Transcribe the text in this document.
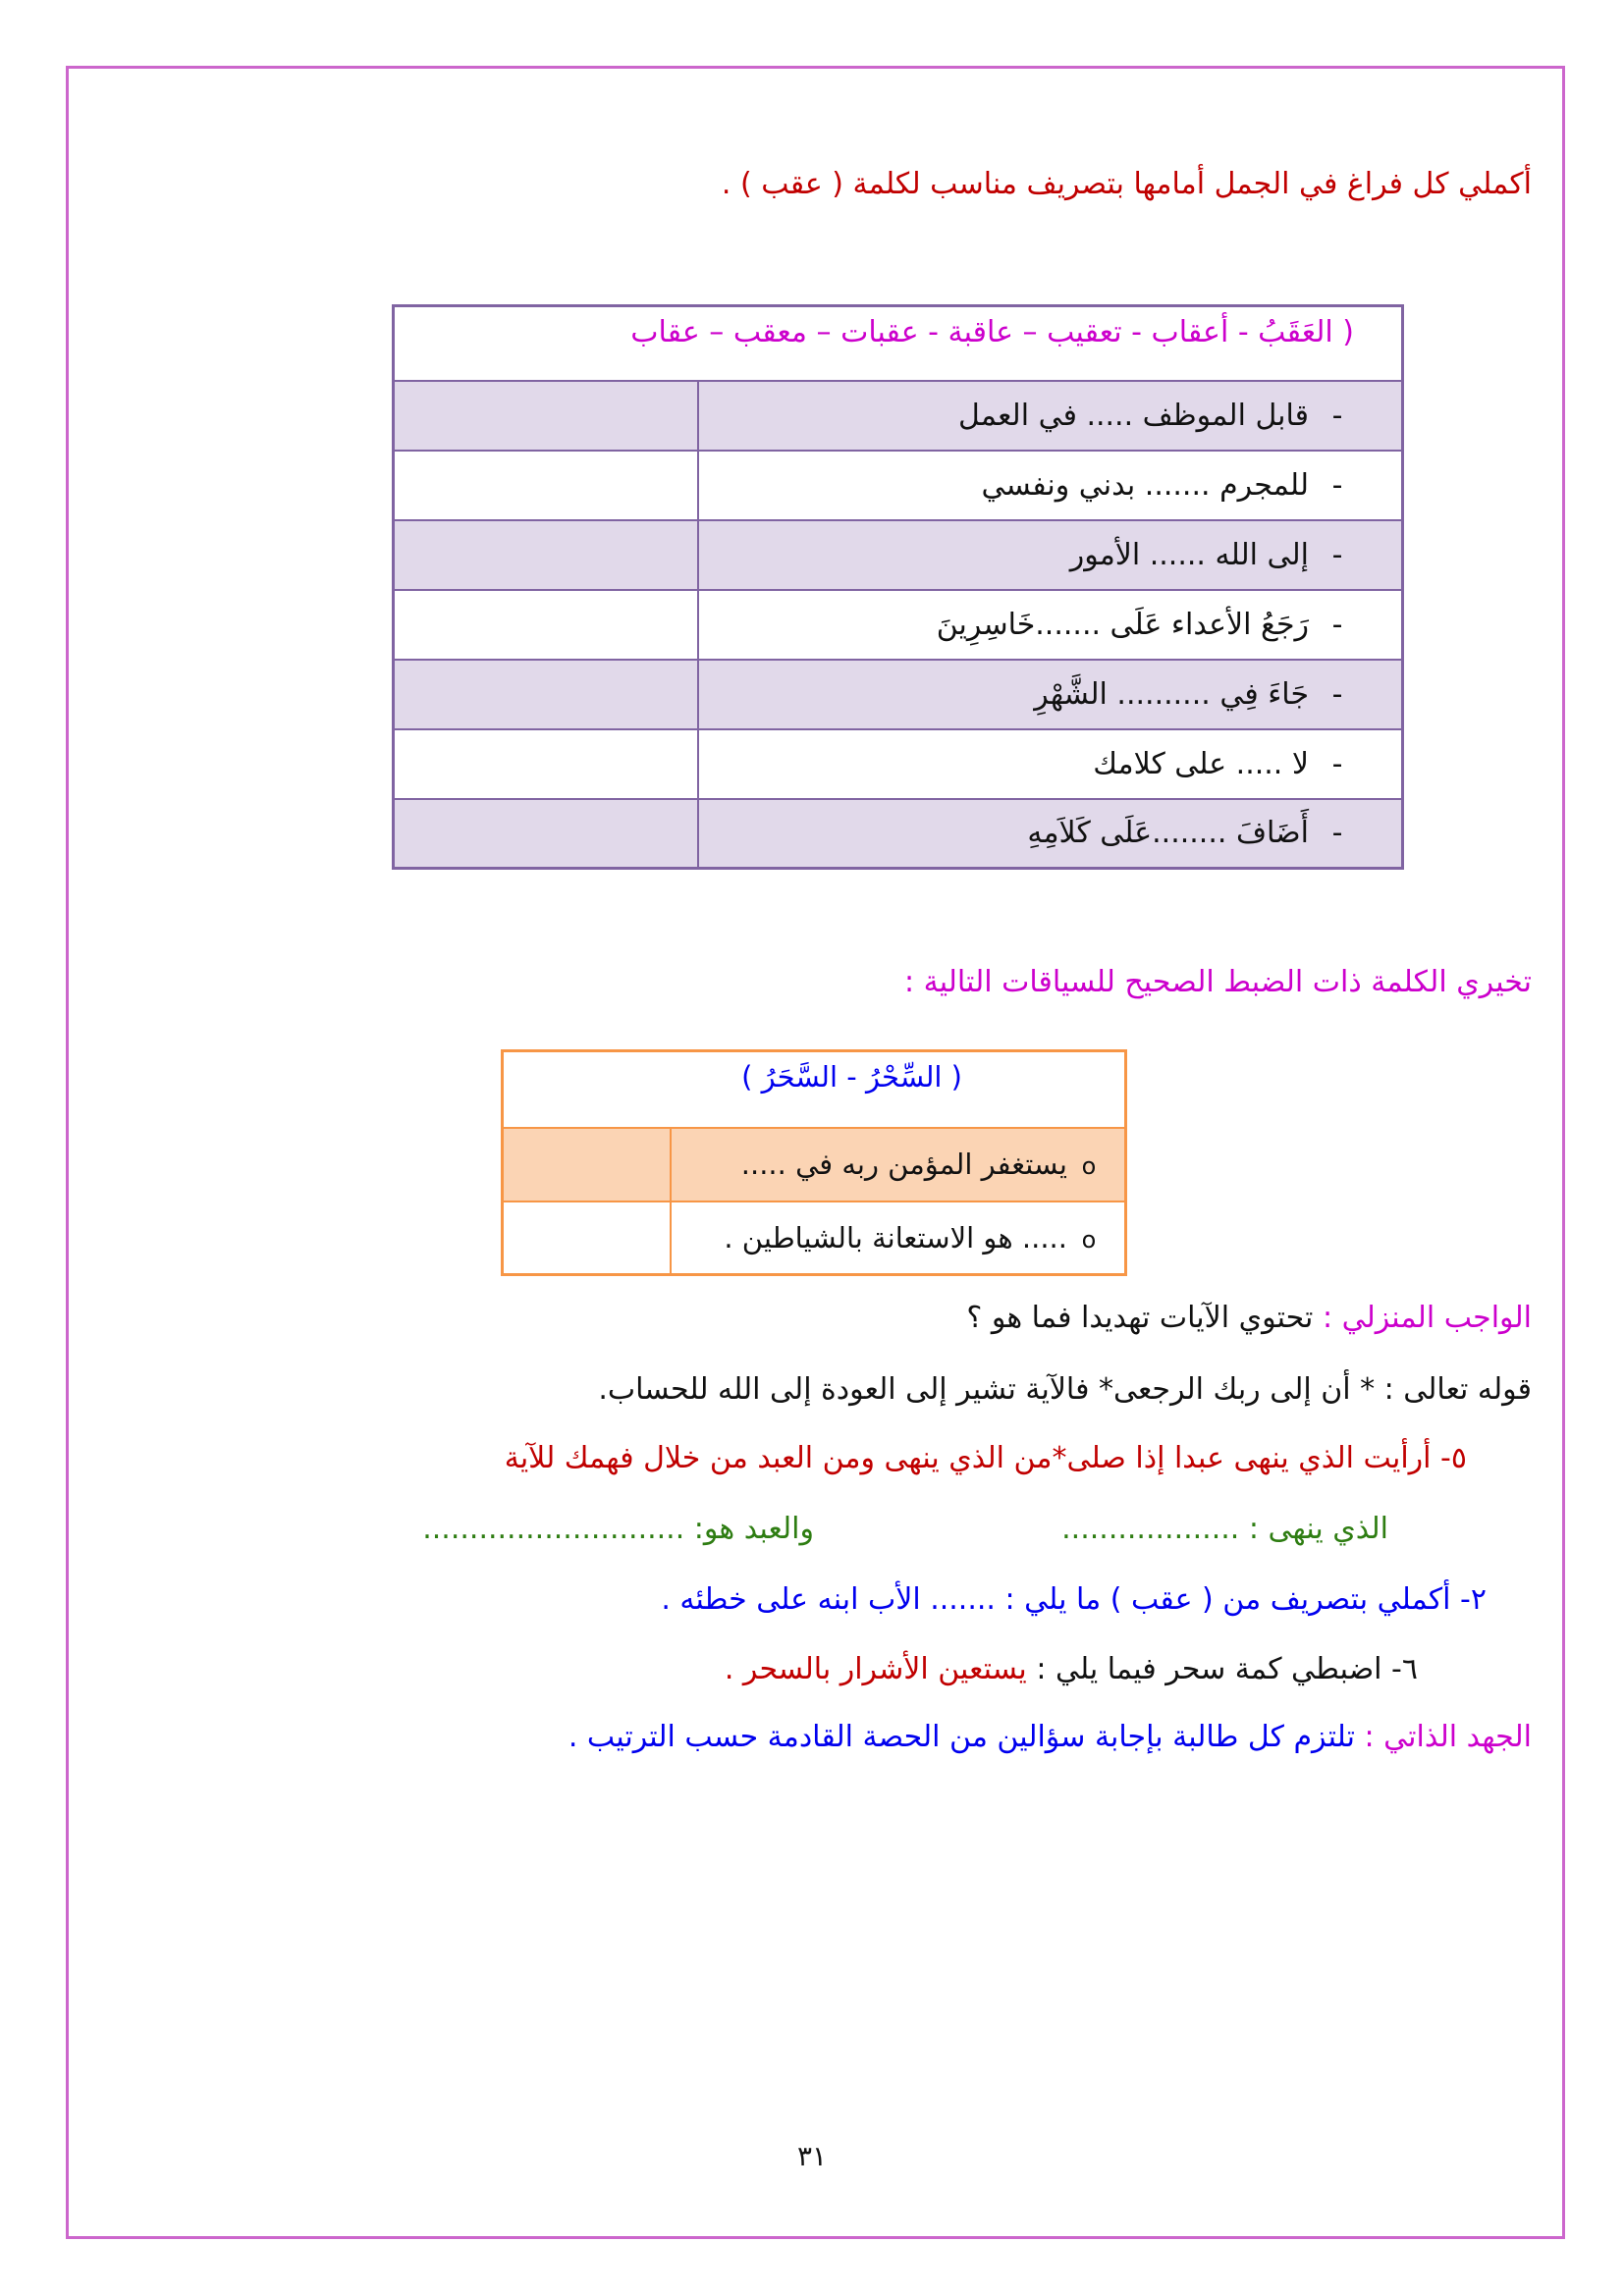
أكملي كل فراغ في الجمل أمامها بتصريف مناسب لكلمة ( عقب ) .
( العَقَبُ - أعقاب - تعقيب – عاقبة - عقبات – معقب – عقاب	
-قابل الموظف ..... في العمل	
-للمجرم ....... بدني ونفسي	
-إلى الله ...... الأمور	
-رَجَعُ الأعداء عَلَى .......خَاسِرِينَ	
-جَاءَ فِي .......... الشَّهْرِ	
-لا ..... على كلامك	
-أَضَافَ ........عَلَى كَلاَمِهِ	
تخيري الكلمة ذات الضبط الصحيح للسياقات التالية :
( السِّحْرُ - السَّحَرُ )	
oيستغفر المؤمن ربه في .....	
o..... هو الاستعانة بالشياطين .	
الواجب المنزلي : تحتوي الآيات تهديدا فما هو ؟
قوله تعالى : * أن إلى ربك الرجعى* فالآية تشير إلى العودة إلى الله للحساب.
٥- أرأيت الذي ينهى عبدا إذا صلى*من الذي ينهى ومن العبد من خلال فهمك للآية
الذي ينهى : ...................
والعبد هو: ............................
٢- أكملي بتصريف من ( عقب ) ما يلي : ....... الأب ابنه على خطئه .
٦- اضبطي كمة سحر فيما يلي : يستعين الأشرار بالسحر .
الجهد الذاتي : تلتزم كل طالبة بإجابة سؤالين من الحصة القادمة حسب الترتيب .
٣١
